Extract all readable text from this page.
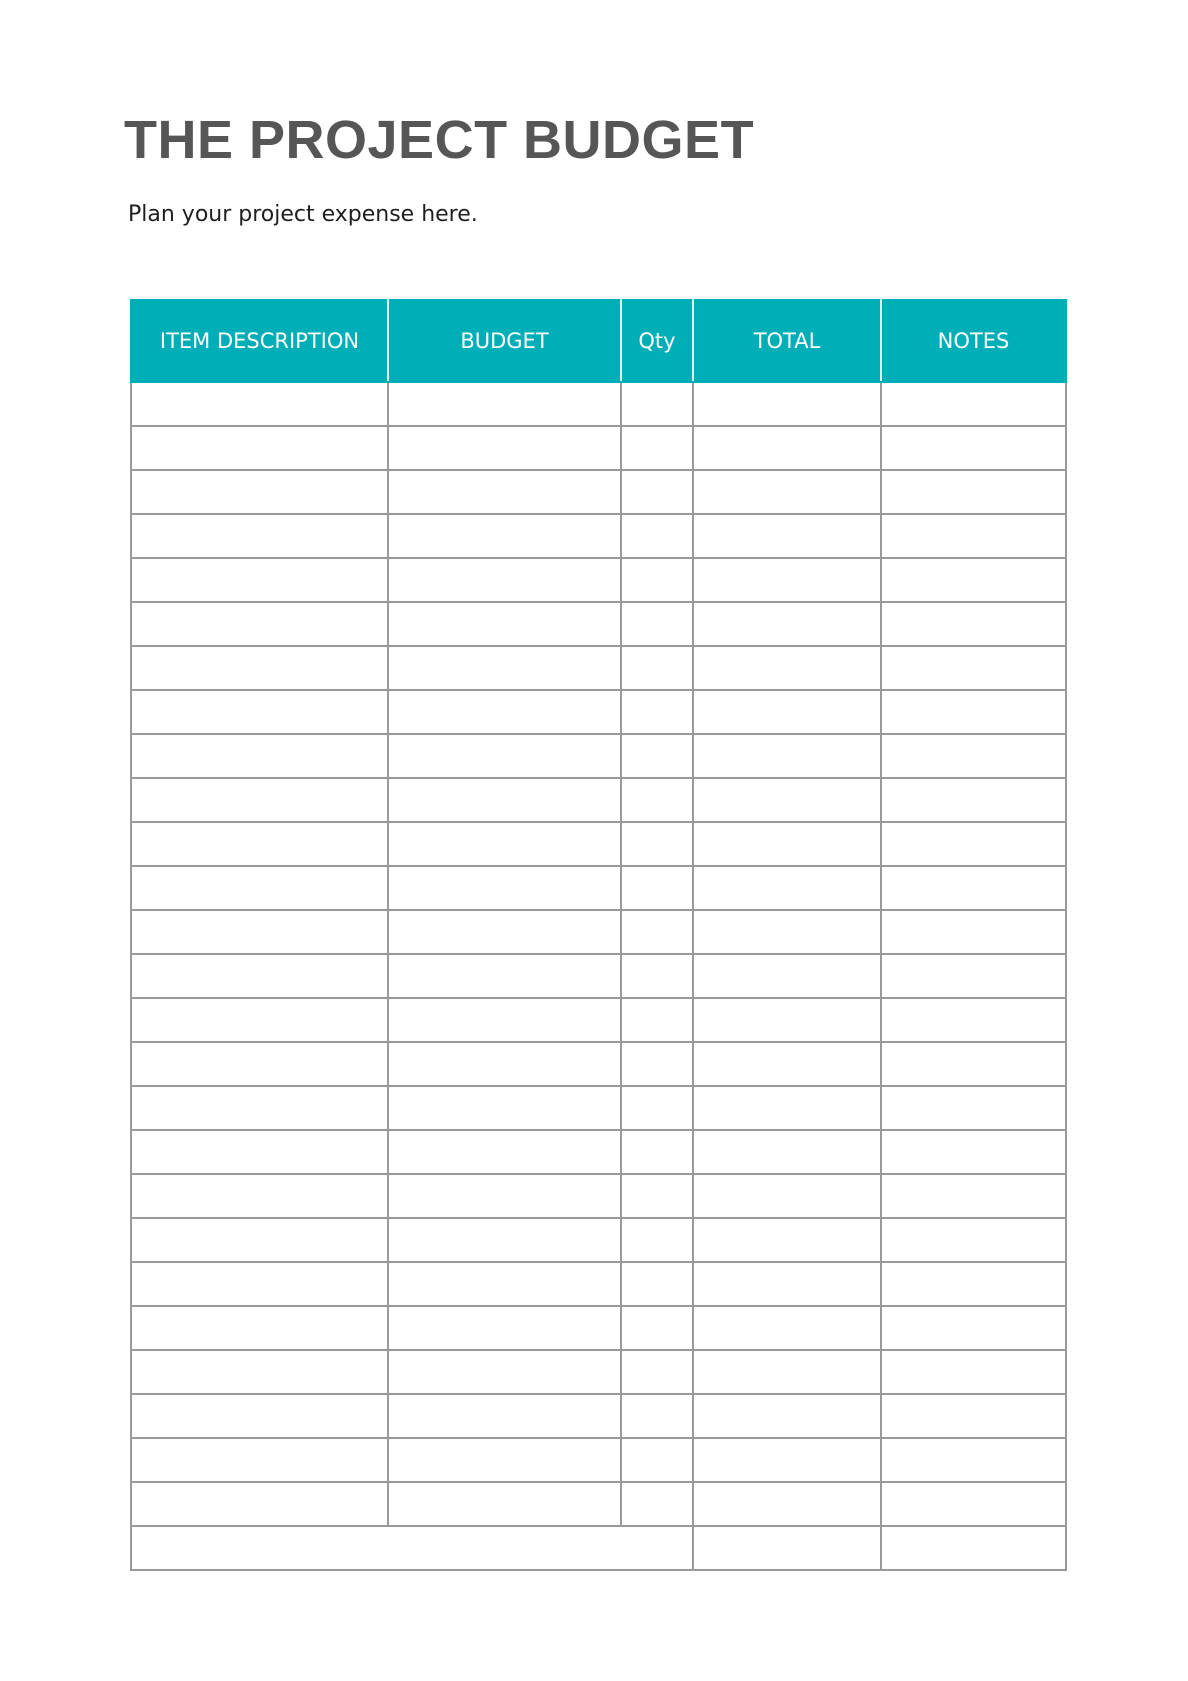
THE PROJECT BUDGET

Plan your project expense here.

ITEM DESCRIPTION	BUDGET	Qty	TOTAL	NOTES
